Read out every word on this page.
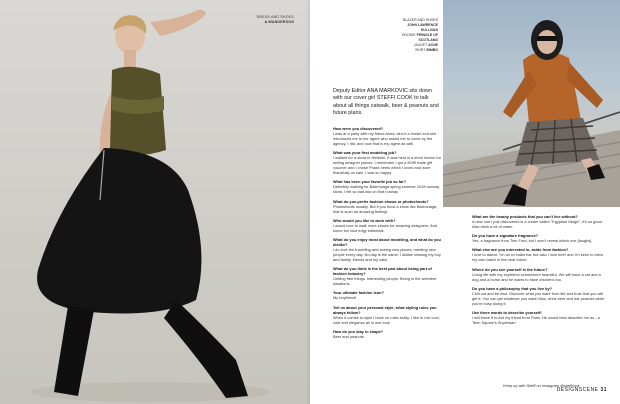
DRESS AND SHOES
A.WANDERSON	BLAZER AND SHOES
JOHN LAWRENCE SULLIVAN
HOODIE PRINGLE OF SCOTLAND
JACKET ACNE
SKIRT BIMBO

Deputy Editor ANA MARKOVIC sits down with our cover girl STEFFI COOK to talk about all things catwalk, beer & peanuts and future plans.

How were you discovered?
I was at a party with my friend Anna, who's a model and she introduced me to her agent who asked me to come by the agency. I did, and now that is my agent as well.
What was your first modeling job?
I walked for a show in Helsinki. It was held in a store known for selling designer pieces. I remember I got a 500€ trade gift voucher and I chose Prada heels which I loved and wore thankfully on sale. I was so happy.
What has been your favorite job so far?
Definitely walking for Balenciaga spring summer 2018 runway show. I felt so bad ass on that runway.
What do you prefer fashion shows or photoshoots?
Photoshoots usually. But if you book a show like Balenciaga, that is such an amazing feeling!
Who would you like to work with?
I would love to walk more shows for amazing designers. And some fun cool edgy editorials.
What do you enjoy most about modeling, and what do you dislike?
I do love the travelling and seeing new places, meeting new people every day. No day is the same. I dislike missing my boy and family, friends and my cats!
What do you think is the best part about being part of fashion industry?
Getting free things. Interesting people. Being in the weirdest situations.
Your ultimate fashion icon?
My boyfriend!
Tell us about your personal style, what styling rules you always follow?
When it comes to style I have no rules really. I like to mix cool, cute and elegance all in one look.
How do you stay in shape?
Beer and peanuts.
What are the beauty products that you can't live without?
A new one I just discovered is a cream called "Egyptian Magic", it's so good. Also drink a lot of water.
Do you have a signature fragrance?
Yes, a fragrance from Tom Ford, but I won't reveal which one [laughs].
What else are you interested in, aside from fashion?
I love to dance. I'm an ex ballerina, but also I love beer and I'm keen to brew my own batch in the near future.
Where do you see yourself in the future?
Living life with my boyfriend somewhere beautiful. We will have a cat and a dog and a horse and he wants to have chickens too.
Do you have a philosophy that you live by?
Chill out and be nice. Discover what you want from life and trust that you will get it. You can get whatever you want! Also, drink beer and eat peanuts while you're busy doing it.
Use three words to describe yourself!
I will leave it to Ant my friend from Paris. He would best describe me as - a Teen Square's Superstar!
Keep up with Steffi on instagram @steffcook
DESIGNSCENE 31
